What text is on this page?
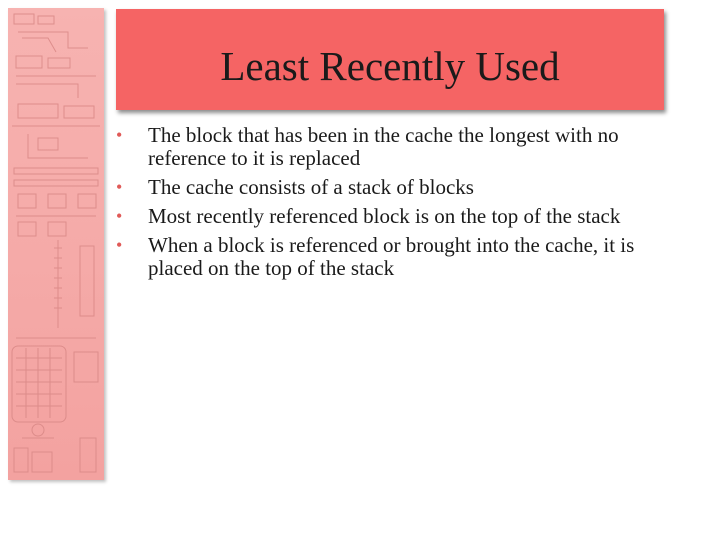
Least Recently Used
• The block that has been in the cache the longest with no reference to it is replaced
• The cache consists of a stack of blocks
• Most recently referenced block is on the top of the stack
• When a block is referenced or brought into the cache, it is placed on the top of the stack
